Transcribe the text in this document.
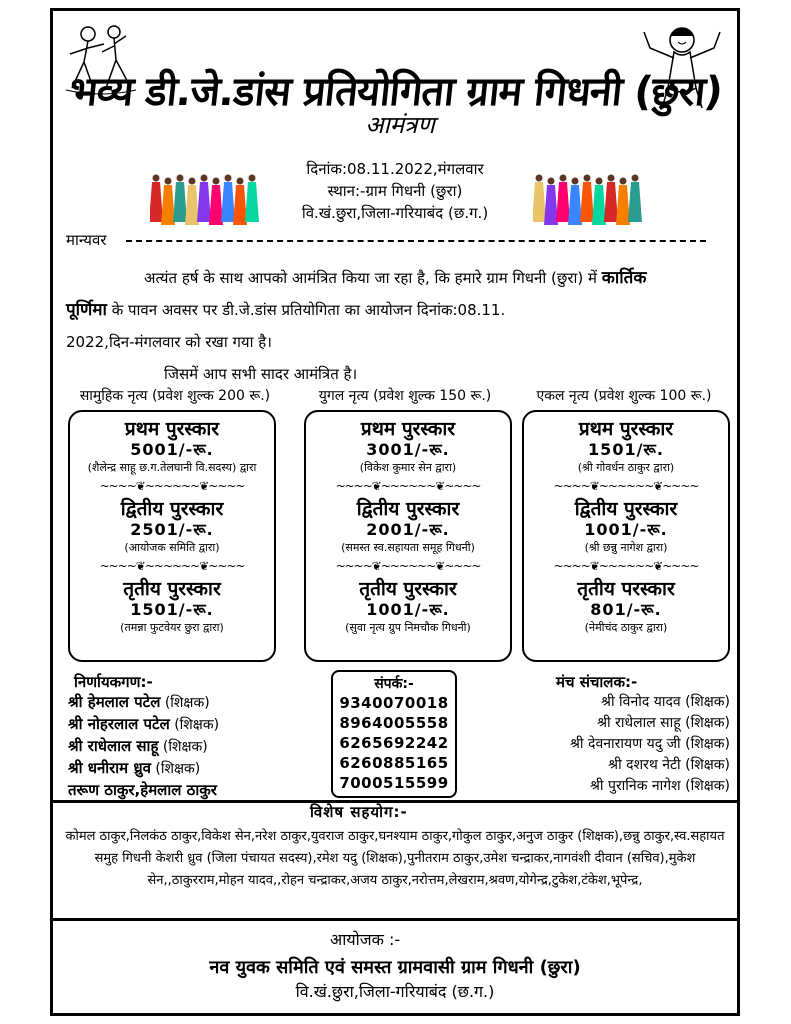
भव्य डी.जे.डांस प्रतियोगिता ग्राम गिधनी (छुरा)
आमंत्रण
दिनांक:08.11.2022,मंगलवार
स्थान:-ग्राम गिधनी (छुरा)
वि.खं.छुरा,जिला-गरियाबंद (छ.ग.)
मान्यवर

अत्यंत हर्ष के साथ आपको आमंत्रित किया जा रहा है, कि हमारे ग्राम गिधनी (छुरा) में कार्तिक

पूर्णिमा के पावन अवसर पर डी.जे.डांस प्रतियोगिता का आयोजन दिनांक:08.11.

2022,दिन-मंगलवार को रखा गया है।

जिसमें आप सभी सादर आमंत्रित है।

सामुहिक नृत्य (प्रवेश शुल्क 200 रू.)	युगल नृत्य (प्रवेश शुल्क 150 रू.)	एकल नृत्य (प्रवेश शुल्क 100 रू.)
प्रथम पुरस्कार
5001/-रू.
(शैलेन्द्र साहू छ.ग.तेलघानी वि.सदस्य) द्वारा
~~~~❦~~~~~~❦~~~~
द्वितीय पुरस्कार
2501/-रू.
(आयोजक समिति द्वारा)
~~~~❦~~~~~~❦~~~~
तृतीय पुरस्कार
1501/-रू.
(तमन्ना फुटवेयर छुरा द्वारा)
प्रथम पुरस्कार
3001/-रू.
(विकेश कुमार सेन द्वारा)
~~~~❦~~~~~~❦~~~~
द्वितीय पुरस्कार
2001/-रू.
(समस्त स्व.सहायता समूह गिधनी)
~~~~❦~~~~~~❦~~~~
तृतीय पुरस्कार
1001/-रू.
(सुवा नृत्य ग्रुप निमचौक गिधनी)
प्रथम पुरस्कार
1501/रू.
(श्री गोवर्धन ठाकुर द्वारा)
~~~~❦~~~~~~❦~~~~
द्वितीय पुरस्कार
1001/-रू.
(श्री छन्नु नागेश द्वारा)
~~~~❦~~~~~~❦~~~~
तृतीय परस्कार
801/-रू.
(नेमीचंद ठाकुर द्वारा)
निर्णायकगण:-
श्री हेमलाल पटेल (शिक्षक)
श्री नोहरलाल पटेल (शिक्षक)
श्री राधेलाल साहू (शिक्षक)
श्री धनीराम ध्रुव (शिक्षक)
तरूण ठाकुर,हेमलाल ठाकुर
संपर्क:-
9340070018
8964005558
6265692242
6260885165
7000515599
मंच संचालक:-
श्री विनोद यादव (शिक्षक)
श्री राधेलाल साहू (शिक्षक)
श्री देवनारायण यदु जी (शिक्षक)
श्री दशरथ नेटी (शिक्षक)
श्री पुरानिक नागेश (शिक्षक)
विशेष सहयोग:-
कोमल ठाकुर,निलकंठ ठाकुर,विकेश सेन,नरेश ठाकुर,युवराज ठाकुर,घनश्याम ठाकुर,गोकुल ठाकुर,अनुज ठाकुर (शिक्षक),छन्नु ठाकुर,स्व.सहायत समुह गिधनी केशरी ध्रुव (जिला पंचायत सदस्य),रमेश यदु (शिक्षक),पुनीतराम ठाकुर,उमेश चन्द्राकर,नागवंशी दीवान (सचिव),मुकेश सेन,,ठाकुरराम,मोहन यादव,,रोहन चन्द्राकर,अजय ठाकुर,नरोत्तम,लेखराम,श्रवण,योगेन्द्र,टुकेश,टंकेश,भूपेन्द्र,
आयोजक :-
नव युवक समिति एवं समस्त ग्रामवासी ग्राम गिधनी (छुरा)
वि.खं.छुरा,जिला-गरियाबंद (छ.ग.)
